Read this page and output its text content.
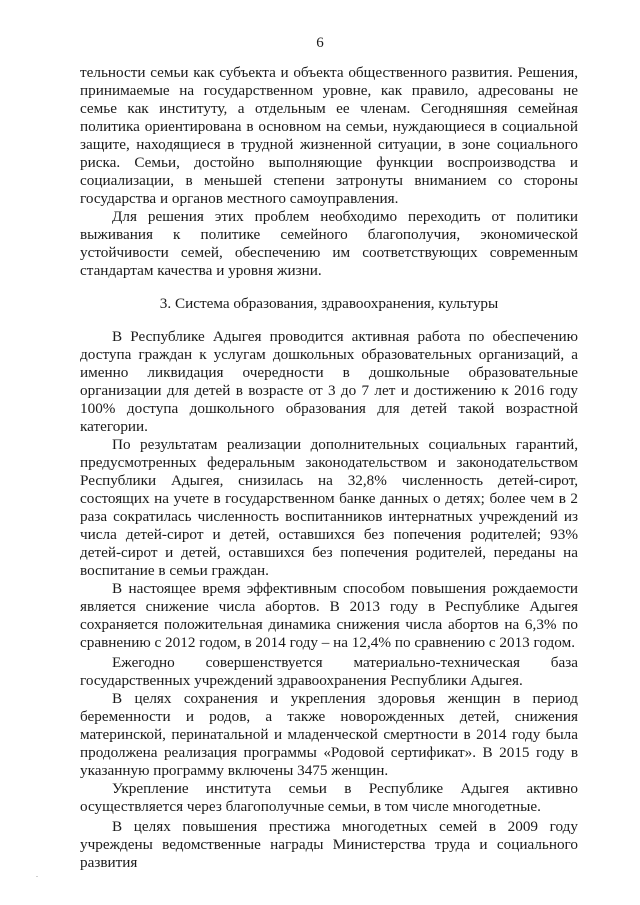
6

тельности семьи как субъекта и объекта общественного развития. Решения, принимаемые на государственном уровне, как правило, адресованы не семье как институту, а отдельным ее членам. Сегодняшняя семейная политика ориентирована в основном на семьи, нуждающиеся в социальной защите, находящиеся в трудной жизненной ситуации, в зоне социального риска. Семьи, достойно выполняющие функции воспроизводства и социализации, в меньшей степени затронуты вниманием со стороны государства и органов местного самоуправления.

Для решения этих проблем необходимо переходить от политики выживания к политике семейного благополучия, экономической устойчивости семей, обеспечению им соответствующих современным стандартам качества и уровня жизни.

3. Система образования, здравоохранения, культуры

В Республике Адыгея проводится активная работа по обеспечению доступа граждан к услугам дошкольных образовательных организаций, а именно ликвидация очередности в дошкольные образовательные организации для детей в возрасте от 3 до 7 лет и достижению к 2016 году 100% доступа дошкольного образования для детей такой возрастной категории.

По результатам реализации дополнительных социальных гарантий, предусмотренных федеральным законодательством и законодательством Республики Адыгея, снизилась на 32,8% численность детей-сирот, состоящих на учете в государственном банке данных о детях; более чем в 2 раза сократилась численность воспитанников интернатных учреждений из числа детей-сирот и детей, оставшихся без попечения родителей; 93% детей-сирот и детей, оставшихся без попечения родителей, переданы на воспитание в семьи граждан.

В настоящее время эффективным способом повышения рождаемости является снижение числа абортов. В 2013 году в Республике Адыгея сохраняется положительная динамика снижения числа абортов на 6,3% по сравнению с 2012 годом, в 2014 году – на 12,4% по сравнению с 2013 годом.

Ежегодно совершенствуется материально-техническая база государственных учреждений здравоохранения Республики Адыгея.

В целях сохранения и укрепления здоровья женщин в период беременности и родов, а также новорожденных детей, снижения материнской, перинатальной и младенческой смертности в 2014 году была продолжена реализация программы «Родовой сертификат». В 2015 году в указанную программу включены 3475 женщин.

Укрепление института семьи в Республике Адыгея активно осуществляется через благополучные семьи, в том числе многодетные.

В целях повышения престижа многодетных семей в 2009 году учреждены ведомственные награды Министерства труда и социального развития
